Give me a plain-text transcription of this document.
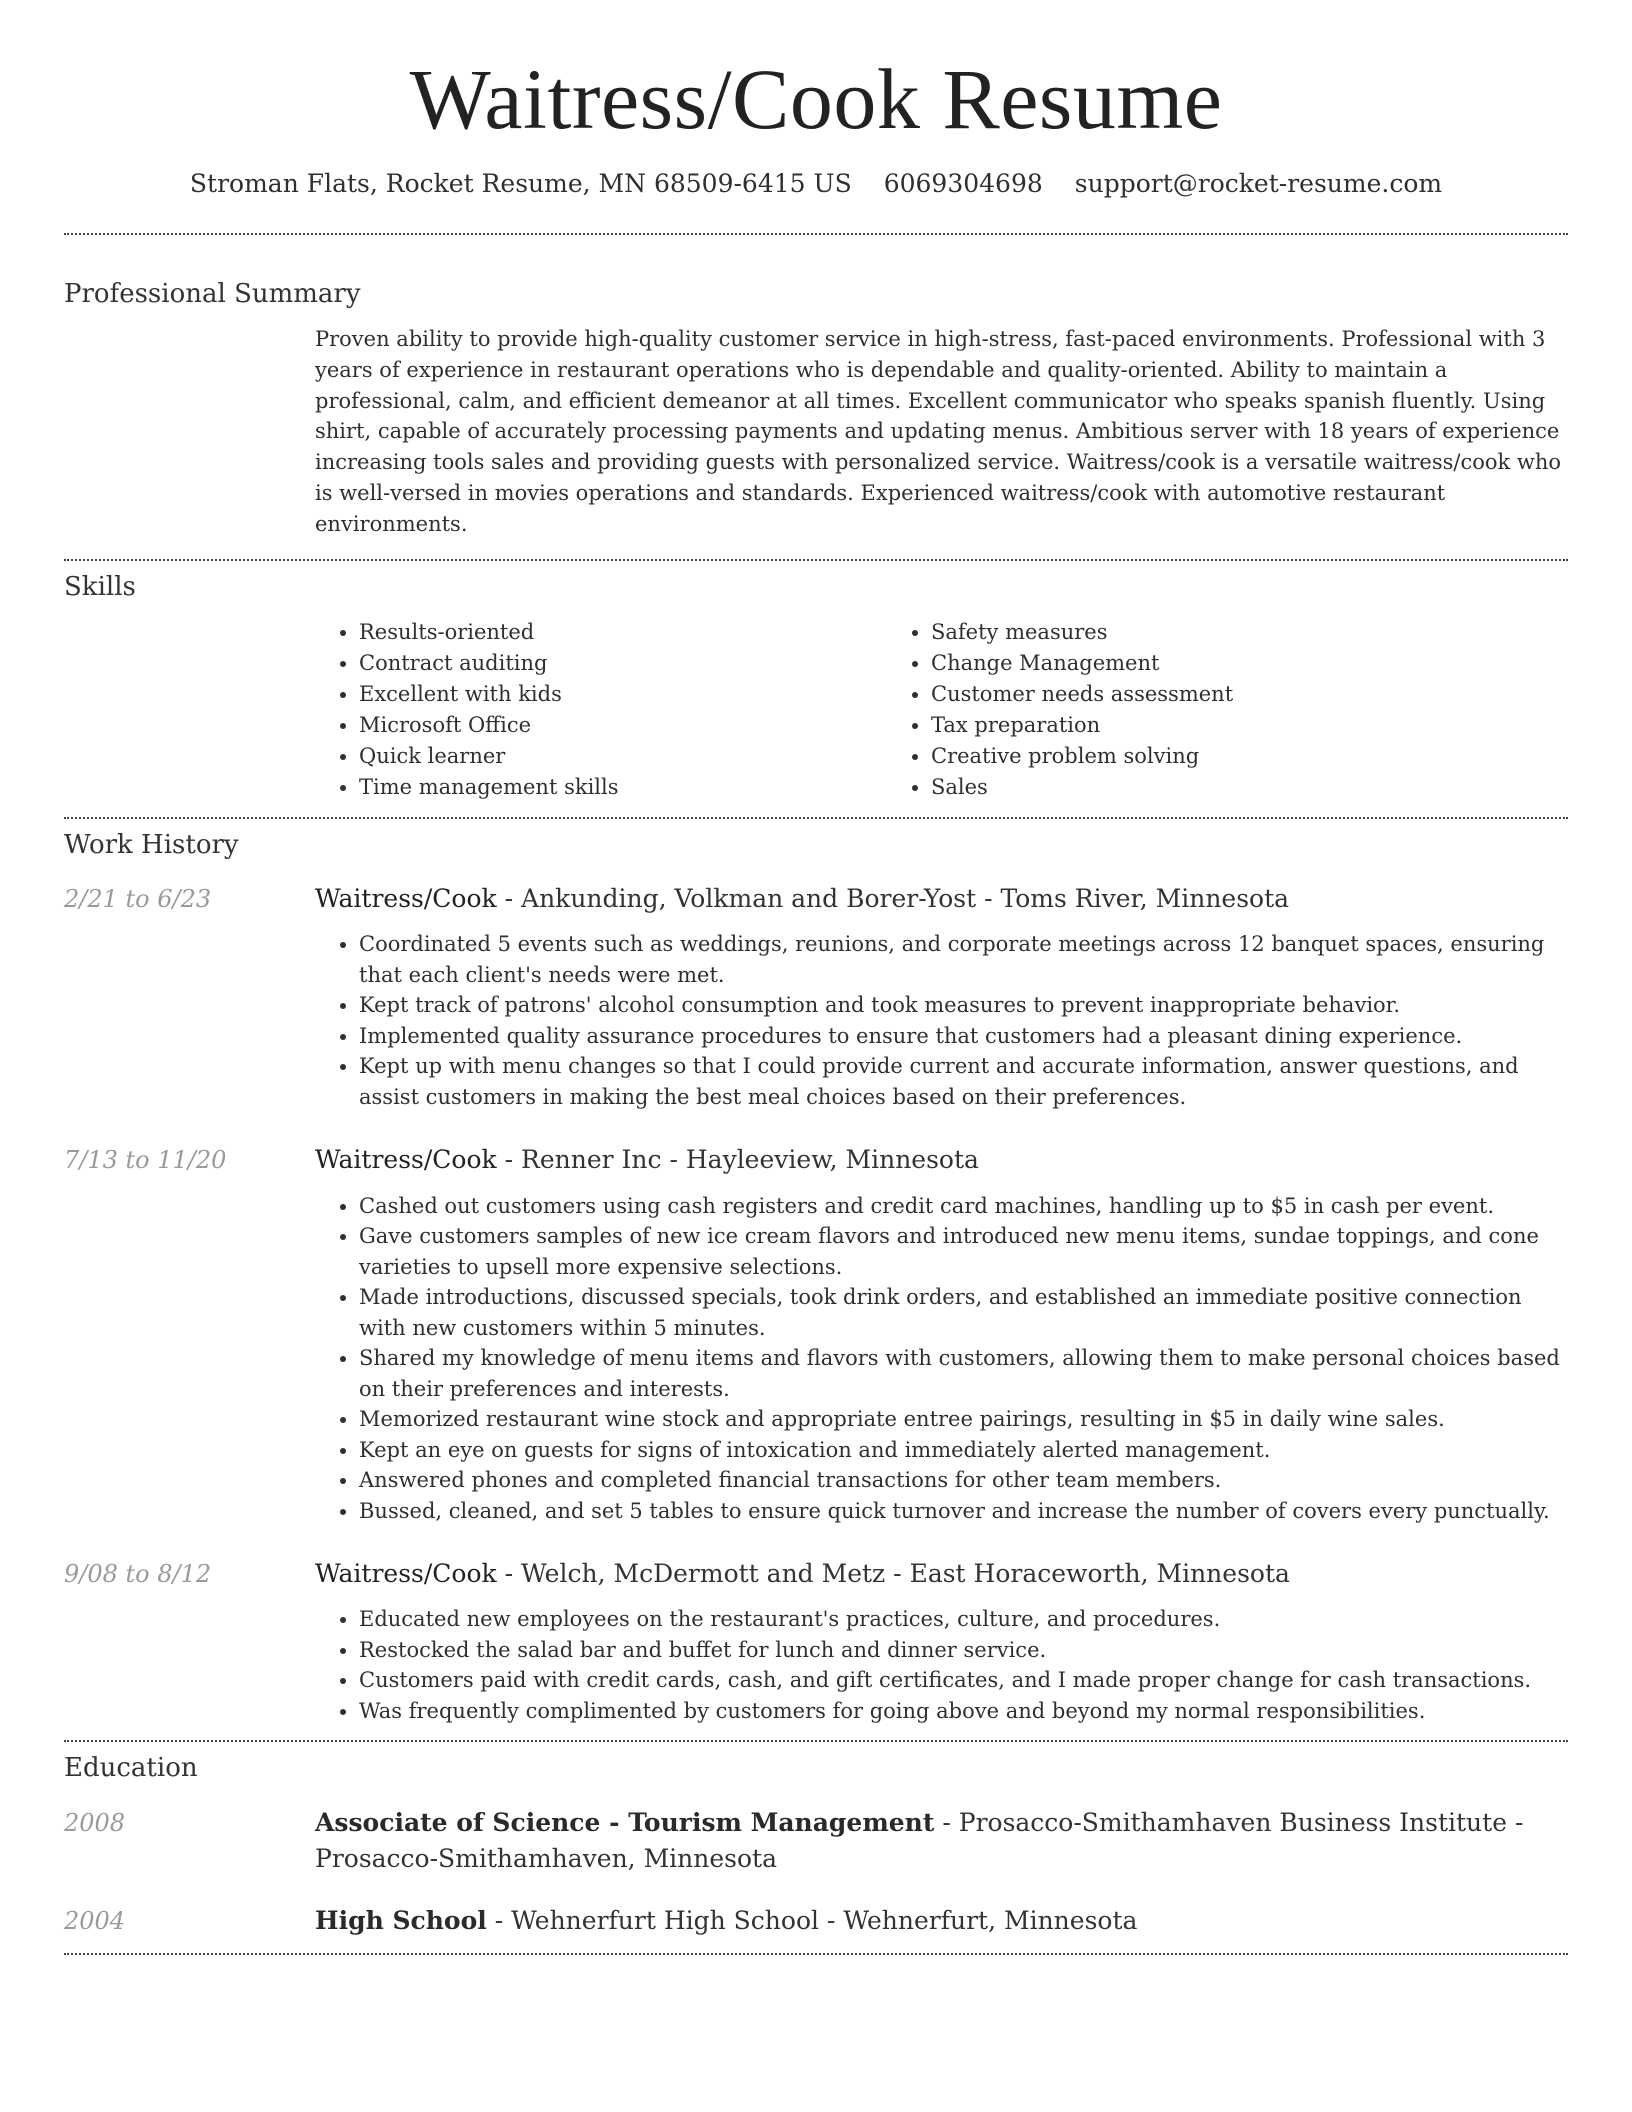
Waitress/Cook Resume
Stroman Flats, Rocket Resume, MN 68509-6415 US 6069304698 support@rocket-resume.com
Professional Summary

Proven ability to provide high-quality customer service in high-stress, fast-paced environments. Professional with 3 years of experience in restaurant operations who is dependable and quality-oriented. Ability to maintain a professional, calm, and efficient demeanor at all times. Excellent communicator who speaks spanish fluently. Using shirt, capable of accurately processing payments and updating menus. Ambitious server with 18 years of experience increasing tools sales and providing guests with personalized service. Waitress/cook is a versatile waitress/cook who is well-versed in movies operations and standards. Experienced waitress/cook with automotive restaurant environments.

Skills
• Results-oriented
• Contract auditing
• Excellent with kids
• Microsoft Office
• Quick learner
• Time management skills
• Safety measures
• Change Management
• Customer needs assessment
• Tax preparation
• Creative problem solving
• Sales
Work History
2/21 to 6/23	Waitress/Cook - Ankunding, Volkman and Borer-Yost - Toms River, Minnesota
• Coordinated 5 events such as weddings, reunions, and corporate meetings across 12 banquet spaces, ensuring that each client's needs were met.
• Kept track of patrons' alcohol consumption and took measures to prevent inappropriate behavior.
• Implemented quality assurance procedures to ensure that customers had a pleasant dining experience.
• Kept up with menu changes so that I could provide current and accurate information, answer questions, and assist customers in making the best meal choices based on their preferences.
7/13 to 11/20	Waitress/Cook - Renner Inc - Hayleeview, Minnesota
• Cashed out customers using cash registers and credit card machines, handling up to $5 in cash per event.
• Gave customers samples of new ice cream flavors and introduced new menu items, sundae toppings, and cone varieties to upsell more expensive selections.
• Made introductions, discussed specials, took drink orders, and established an immediate positive connection with new customers within 5 minutes.
• Shared my knowledge of menu items and flavors with customers, allowing them to make personal choices based on their preferences and interests.
• Memorized restaurant wine stock and appropriate entree pairings, resulting in $5 in daily wine sales.
• Kept an eye on guests for signs of intoxication and immediately alerted management.
• Answered phones and completed financial transactions for other team members.
• Bussed, cleaned, and set 5 tables to ensure quick turnover and increase the number of covers every punctually.
9/08 to 8/12	Waitress/Cook - Welch, McDermott and Metz - East Horaceworth, Minnesota
• Educated new employees on the restaurant's practices, culture, and procedures.
• Restocked the salad bar and buffet for lunch and dinner service.
• Customers paid with credit cards, cash, and gift certificates, and I made proper change for cash transactions.
• Was frequently complimented by customers for going above and beyond my normal responsibilities.
Education
2008	Associate of Science - Tourism Management - Prosacco-Smithamhaven Business Institute - Prosacco-Smithamhaven, Minnesota
2004	High School - Wehnerfurt High School - Wehnerfurt, Minnesota
